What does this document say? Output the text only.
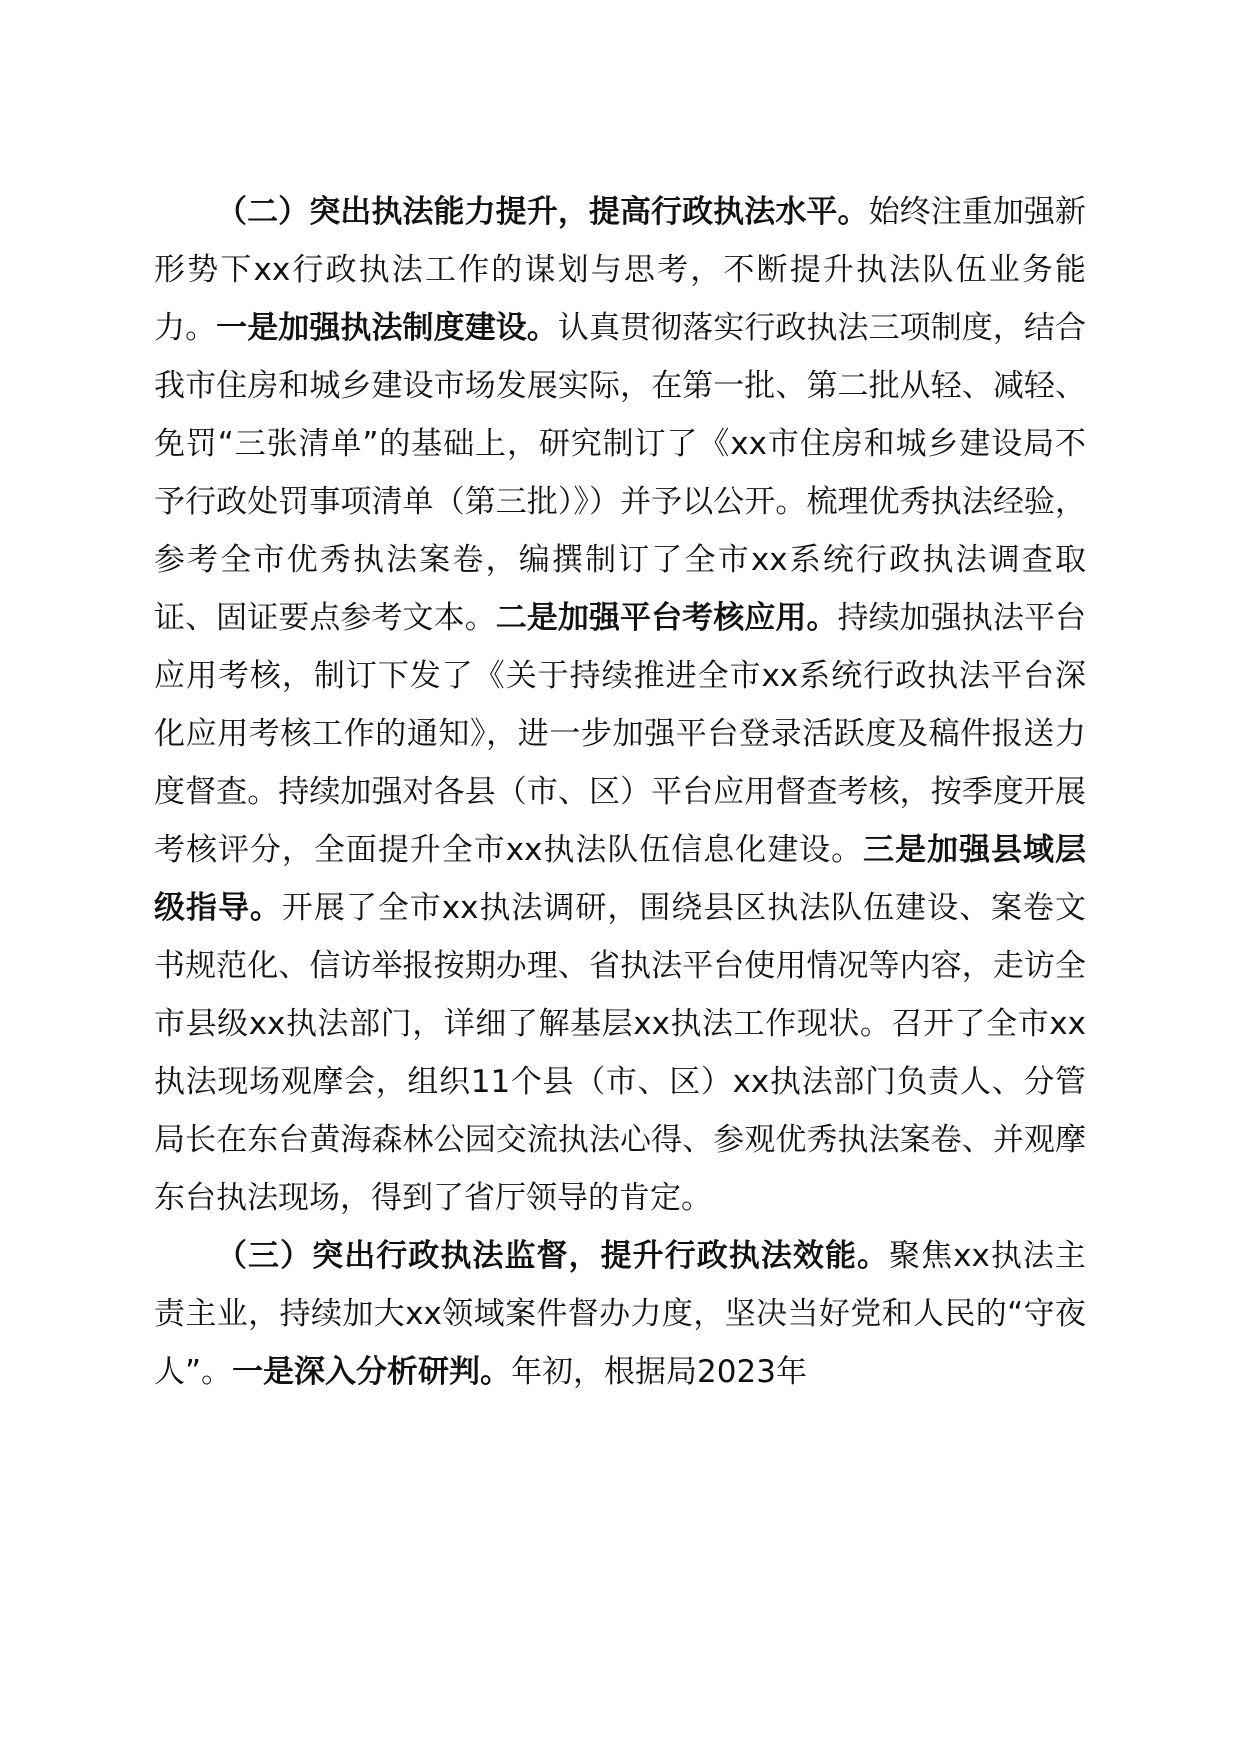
（二）突出执法能力提升，提高行政执法水平。始终注重加强新形势下xx行政执法工作的谋划与思考，不断提升执法队伍业务能力。一是加强执法制度建设。认真贯彻落实行政执法三项制度，结合我市住房和城乡建设市场发展实际，在第一批、第二批从轻、减轻、免罚“三张清单”的基础上，研究制订了《xx市住房和城乡建设局不予行政处罚事项清单（第三批）》）并予以公开。梳理优秀执法经验，参考全市优秀执法案卷，编撰制订了全市xx系统行政执法调查取证、固证要点参考文本。二是加强平台考核应用。持续加强执法平台应用考核，制订下发了《关于持续推进全市xx系统行政执法平台深化应用考核工作的通知》，进一步加强平台登录活跃度及稿件报送力度督查。持续加强对各县（市、区）平台应用督查考核，按季度开展考核评分，全面提升全市xx执法队伍信息化建设。三是加强县域层级指导。开展了全市xx执法调研，围绕县区执法队伍建设、案卷文书规范化、信访举报按期办理、省执法平台使用情况等内容，走访全市县级xx执法部门，详细了解基层xx执法工作现状。召开了全市xx执法现场观摩会，组织11个县（市、区）xx执法部门负责人、分管局长在东台黄海森林公园交流执法心得、参观优秀执法案卷、并观摩东台执法现场，得到了省厅领导的肯定。

（三）突出行政执法监督，提升行政执法效能。聚焦xx执法主责主业，持续加大xx领域案件督办力度，坚决当好党和人民的“守夜人”。一是深入分析研判。年初，根据局2023年
